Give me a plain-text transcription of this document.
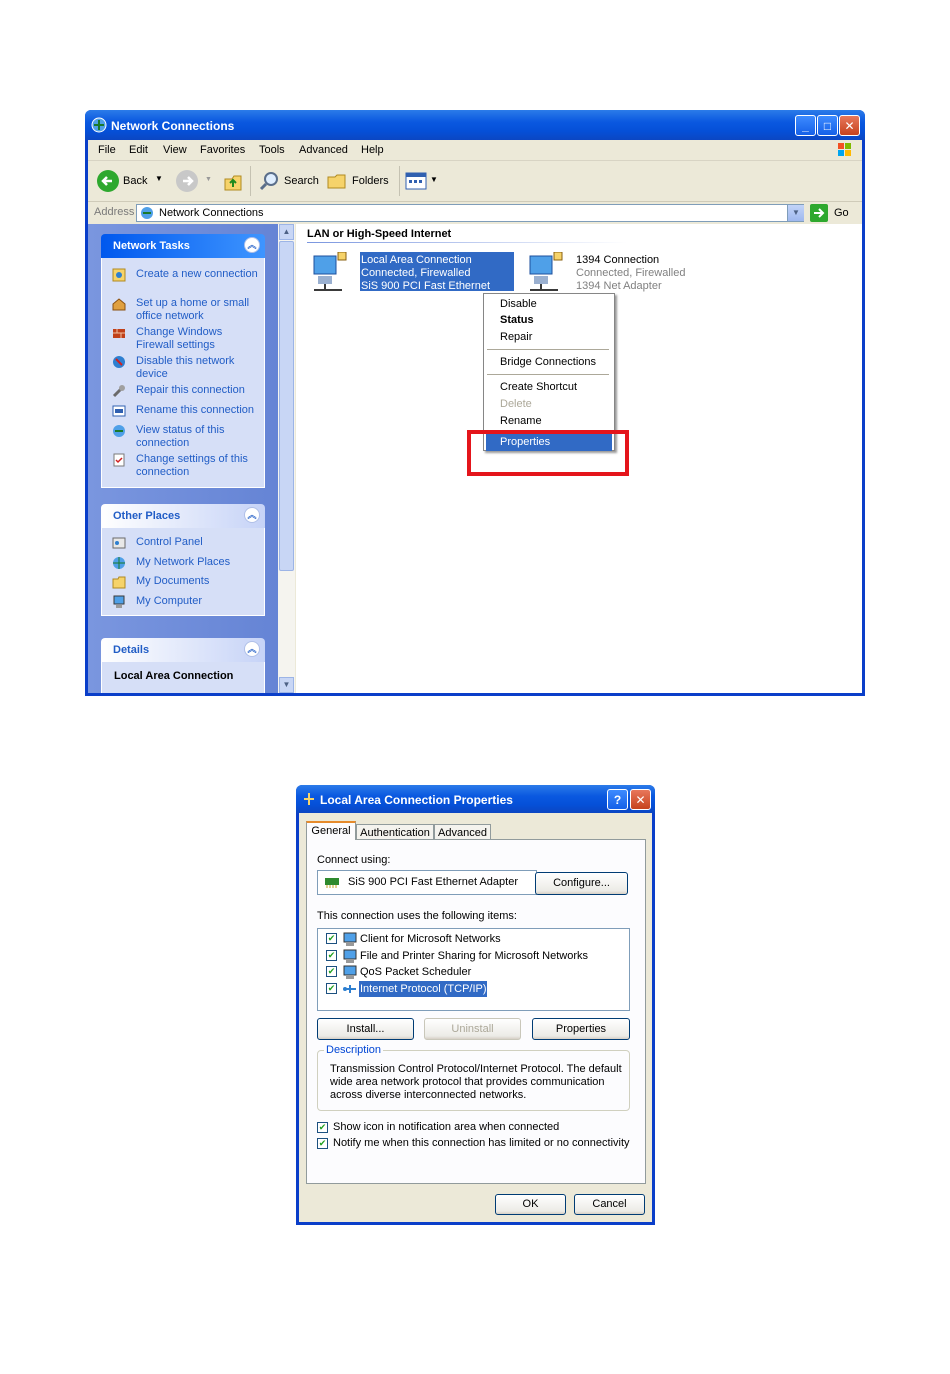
Network Connections	_	□	✕
File Edit View Favorites Tools Advanced Help
Back ▼	▼	Search	Folders	▼
Address Network Connections	▼	Go
Network Tasks	︽
Create a new connection
Set up a home or small office network
Change Windows Firewall settings
Disable this network device
Repair this connection
Rename this connection
View status of this connection
Change settings of this connection
Other Places	︽
Control Panel
My Network Places
My Documents
My Computer
Details	︽
Local Area Connection
▲
▼
LAN or High-Speed Internet
Local Area Connection
Connected, Firewalled
SiS 900 PCI Fast Ethernet Ada...
1394 Connection
Connected, Firewalled
1394 Net Adapter
Disable
Status
Repair
Bridge Connections
Create Shortcut
Delete
Rename
Properties
Local Area Connection Properties	?	✕
General Authentication Advanced
Connect using:
SiS 900 PCI Fast Ethernet Adapter	Configure...
This connection uses the following items:
✔ Client for Microsoft Networks
✔ File and Printer Sharing for Microsoft Networks
✔ QoS Packet Scheduler
✔ Internet Protocol (TCP/IP)
Install...	Uninstall	Properties
Description
Transmission Control Protocol/Internet Protocol. The default wide area network protocol that provides communication across diverse interconnected networks.
✔ Show icon in notification area when connected
✔ Notify me when this connection has limited or no connectivity
OK	Cancel
